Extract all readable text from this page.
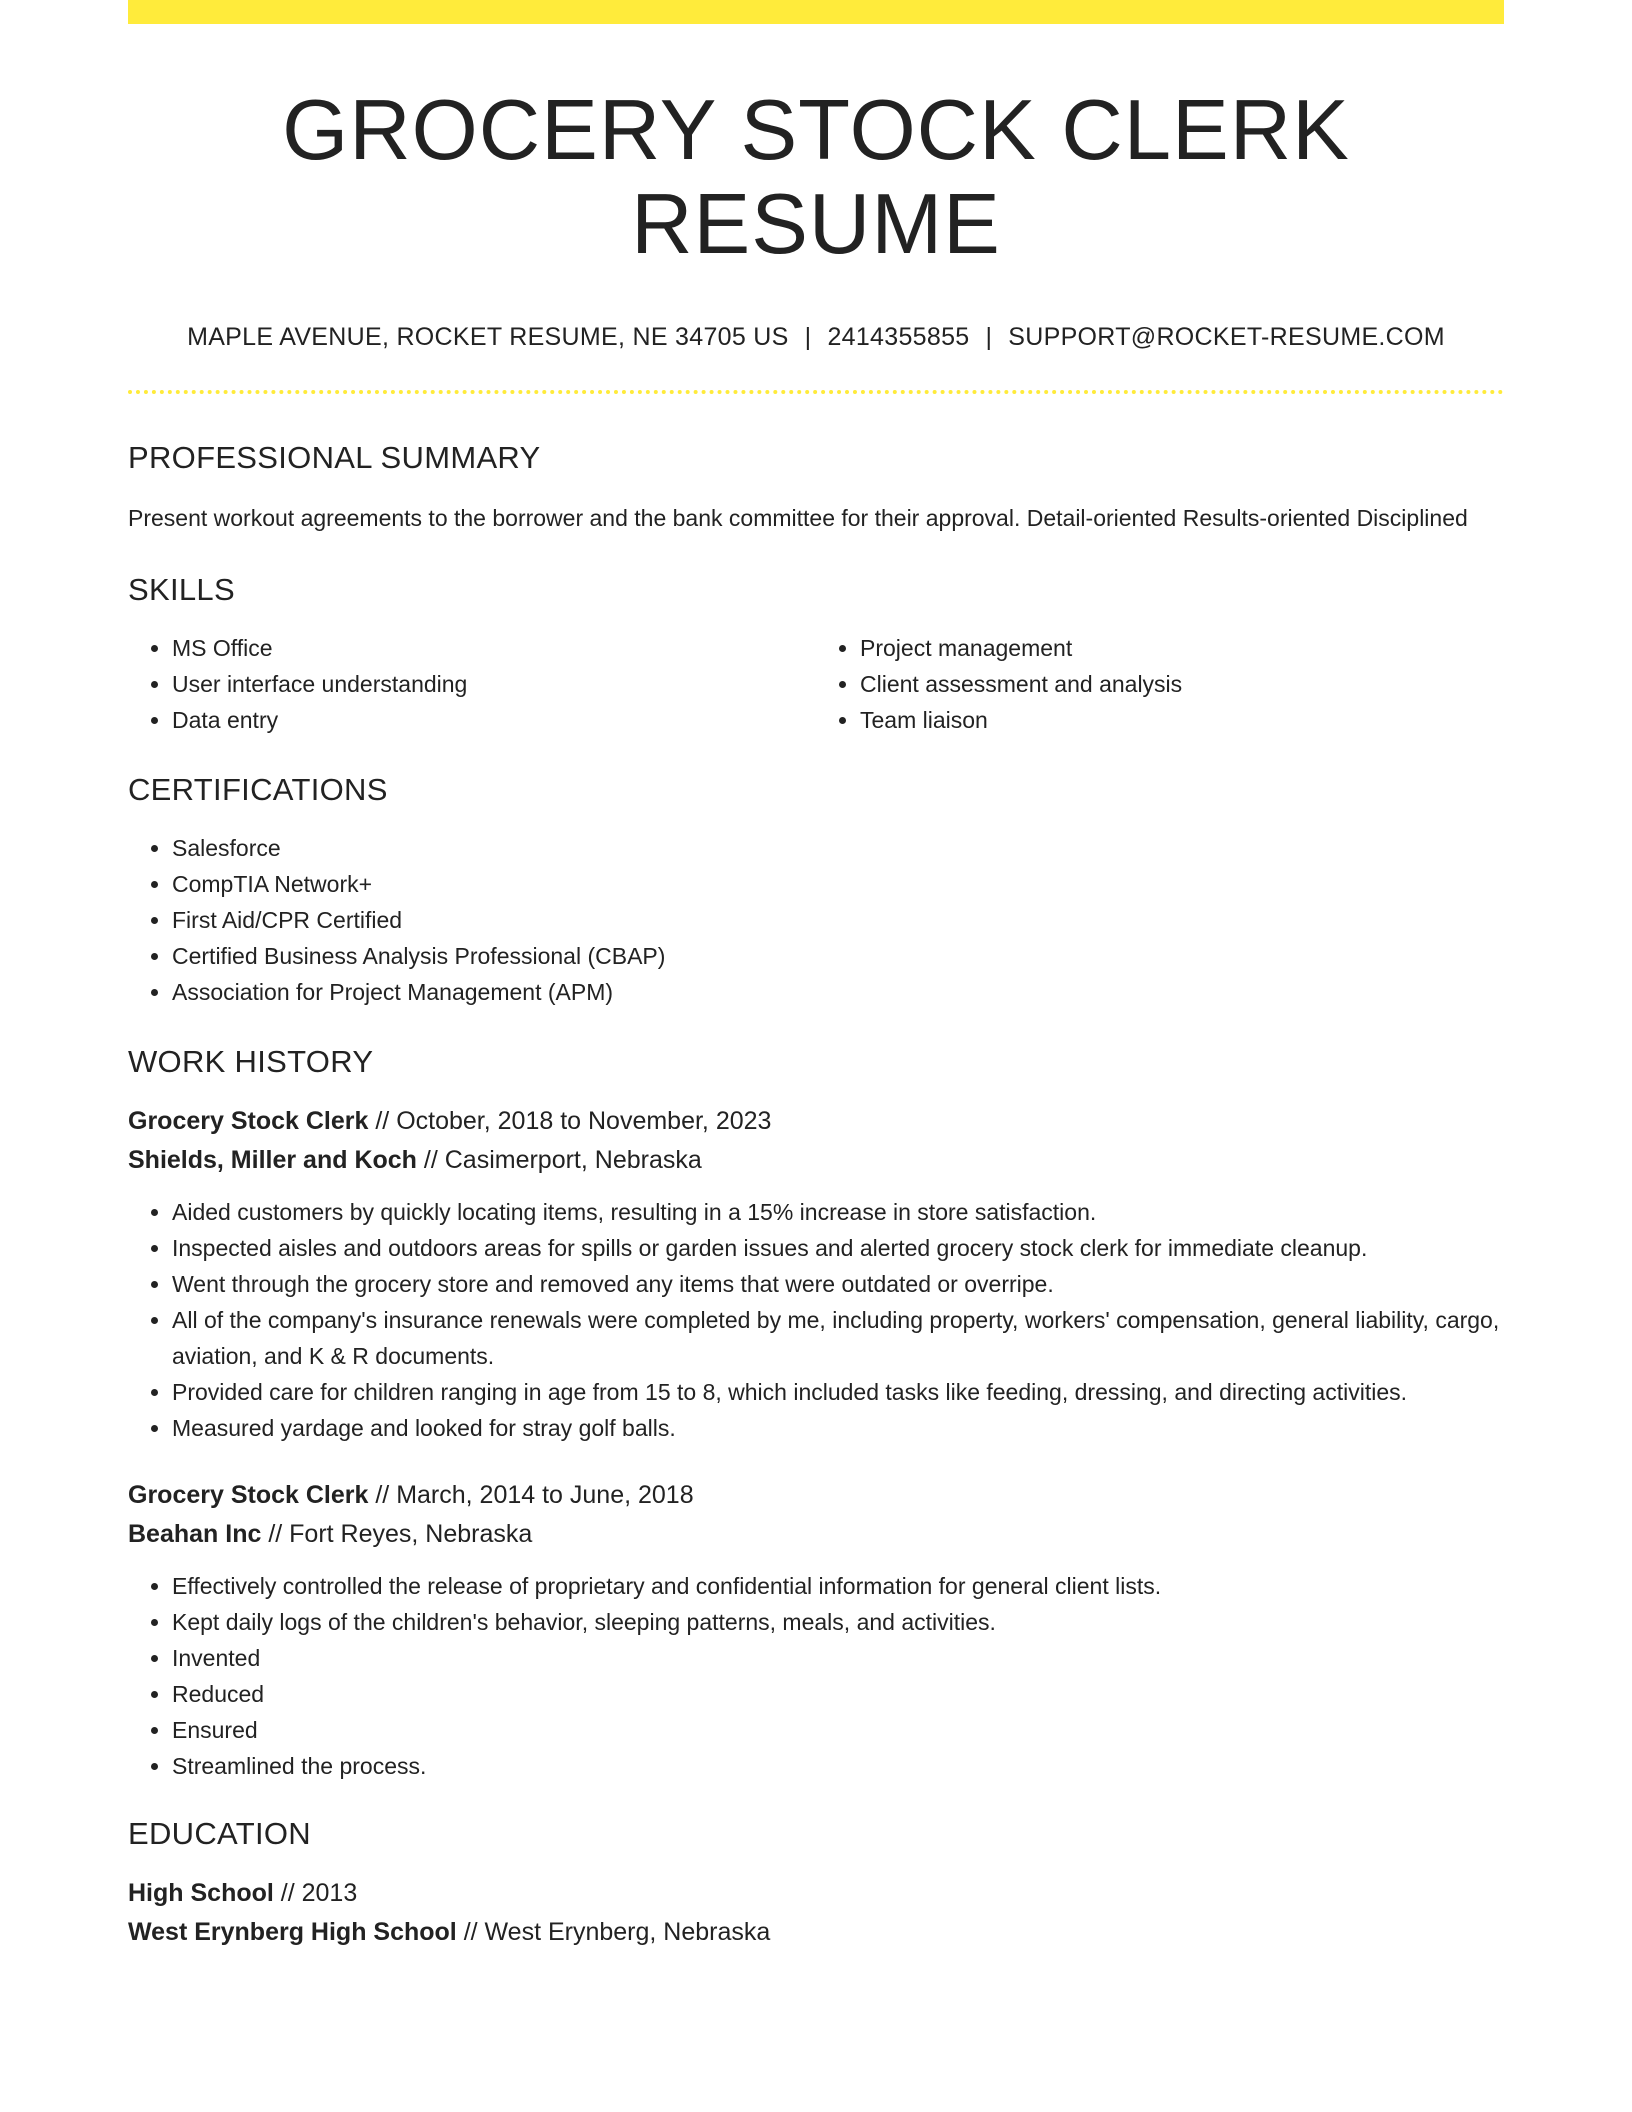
GROCERY STOCK CLERK RESUME
MAPLE AVENUE, ROCKET RESUME, NE 34705 US | 2414355855 | SUPPORT@ROCKET-RESUME.COM
PROFESSIONAL SUMMARY
Present workout agreements to the borrower and the bank committee for their approval. Detail-oriented Results-oriented Disciplined
SKILLS
• MS Office
• User interface understanding
• Data entry
• Project management
• Client assessment and analysis
• Team liaison
CERTIFICATIONS
• Salesforce
• CompTIA Network+
• First Aid/CPR Certified
• Certified Business Analysis Professional (CBAP)
• Association for Project Management (APM)
WORK HISTORY
Grocery Stock Clerk // October, 2018 to November, 2023
Shields, Miller and Koch // Casimerport, Nebraska
• Aided customers by quickly locating items, resulting in a 15% increase in store satisfaction.
• Inspected aisles and outdoors areas for spills or garden issues and alerted grocery stock clerk for immediate cleanup.
• Went through the grocery store and removed any items that were outdated or overripe.
• All of the company's insurance renewals were completed by me, including property, workers' compensation, general liability, cargo, aviation, and K & R documents.
• Provided care for children ranging in age from 15 to 8, which included tasks like feeding, dressing, and directing activities.
• Measured yardage and looked for stray golf balls.
Grocery Stock Clerk // March, 2014 to June, 2018
Beahan Inc // Fort Reyes, Nebraska
• Effectively controlled the release of proprietary and confidential information for general client lists.
• Kept daily logs of the children's behavior, sleeping patterns, meals, and activities.
• Invented
• Reduced
• Ensured
• Streamlined the process.
EDUCATION
High School // 2013
West Erynberg High School // West Erynberg, Nebraska
